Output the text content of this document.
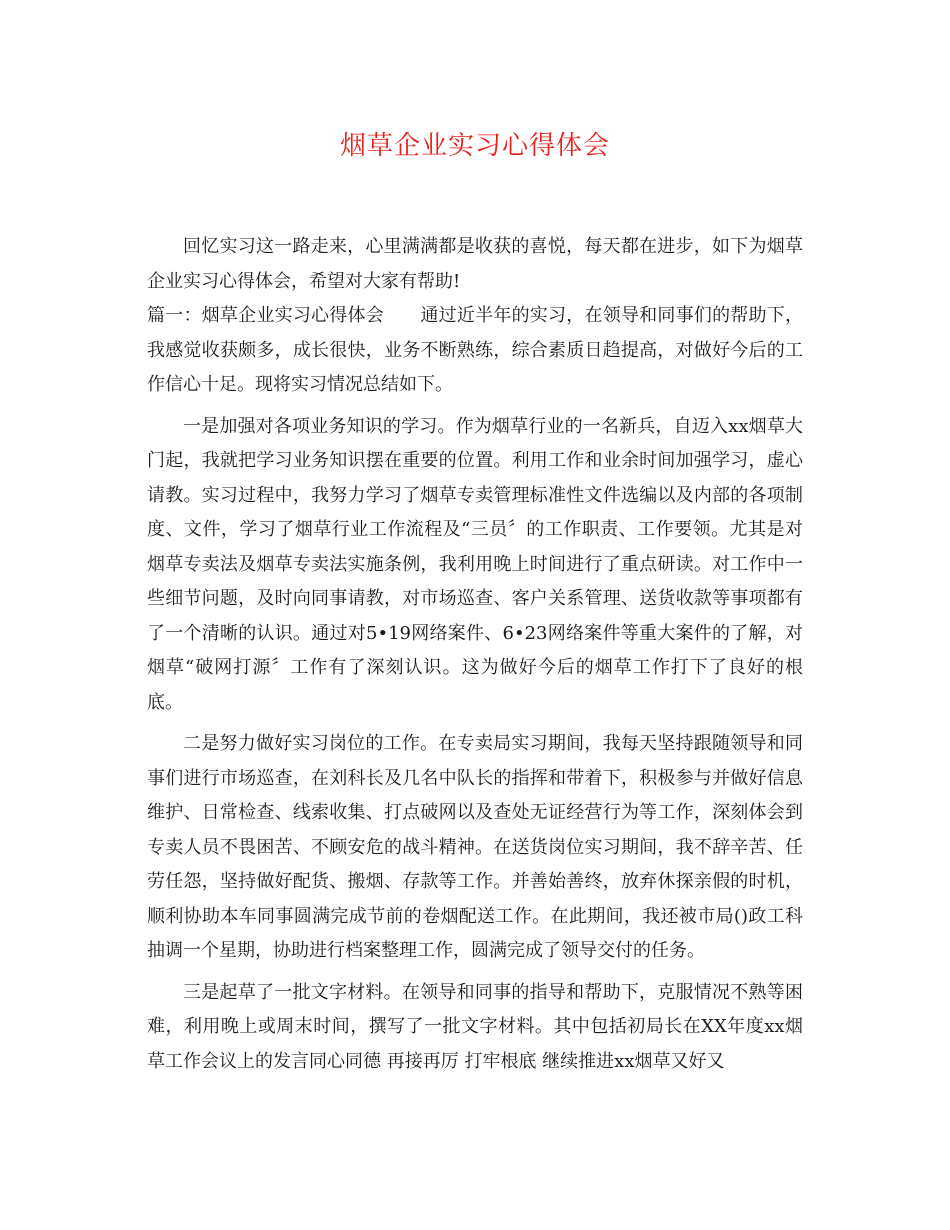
烟草企业实习心得体会

回忆实习这一路走来，心里满满都是收获的喜悦，每天都在进步，如下为烟草企业实习心得体会，希望对大家有帮助!

篇一：烟草企业实习心得体会　　通过近半年的实习，在领导和同事们的帮助下，我感觉收获颇多，成长很快，业务不断熟练，综合素质日趋提高，对做好今后的工作信心十足。现将实习情况总结如下。

一是加强对各项业务知识的学习。作为烟草行业的一名新兵，自迈入xx烟草大门起，我就把学习业务知识摆在重要的位置。利用工作和业余时间加强学习，虚心请教。实习过程中，我努力学习了烟草专卖管理标准性文件选编以及内部的各项制度、文件，学习了烟草行业工作流程及“三员〞的工作职责、工作要领。尤其是对烟草专卖法及烟草专卖法实施条例，我利用晚上时间进行了重点研读。对工作中一些细节问题，及时向同事请教，对市场巡查、客户关系管理、送货收款等事项都有了一个清晰的认识。通过对5•19网络案件、6•23网络案件等重大案件的了解，对烟草“破网打源〞工作有了深刻认识。这为做好今后的烟草工作打下了良好的根底。

二是努力做好实习岗位的工作。在专卖局实习期间，我每天坚持跟随领导和同事们进行市场巡查，在刘科长及几名中队长的指挥和带着下，积极参与并做好信息维护、日常检查、线索收集、打点破网以及查处无证经营行为等工作，深刻体会到专卖人员不畏困苦、不顾安危的战斗精神。在送货岗位实习期间，我不辞辛苦、任劳任怨，坚持做好配货、搬烟、存款等工作。并善始善终，放弃休探亲假的时机，顺利协助本车同事圆满完成节前的卷烟配送工作。在此期间，我还被市局()政工科抽调一个星期，协助进行档案整理工作，圆满完成了领导交付的任务。

三是起草了一批文字材料。在领导和同事的指导和帮助下，克服情况不熟等困难，利用晚上或周末时间，撰写了一批文字材料。其中包括初局长在XX年度xx烟草工作会议上的发言同心同德 再接再厉 打牢根底 继续推进xx烟草又好又
